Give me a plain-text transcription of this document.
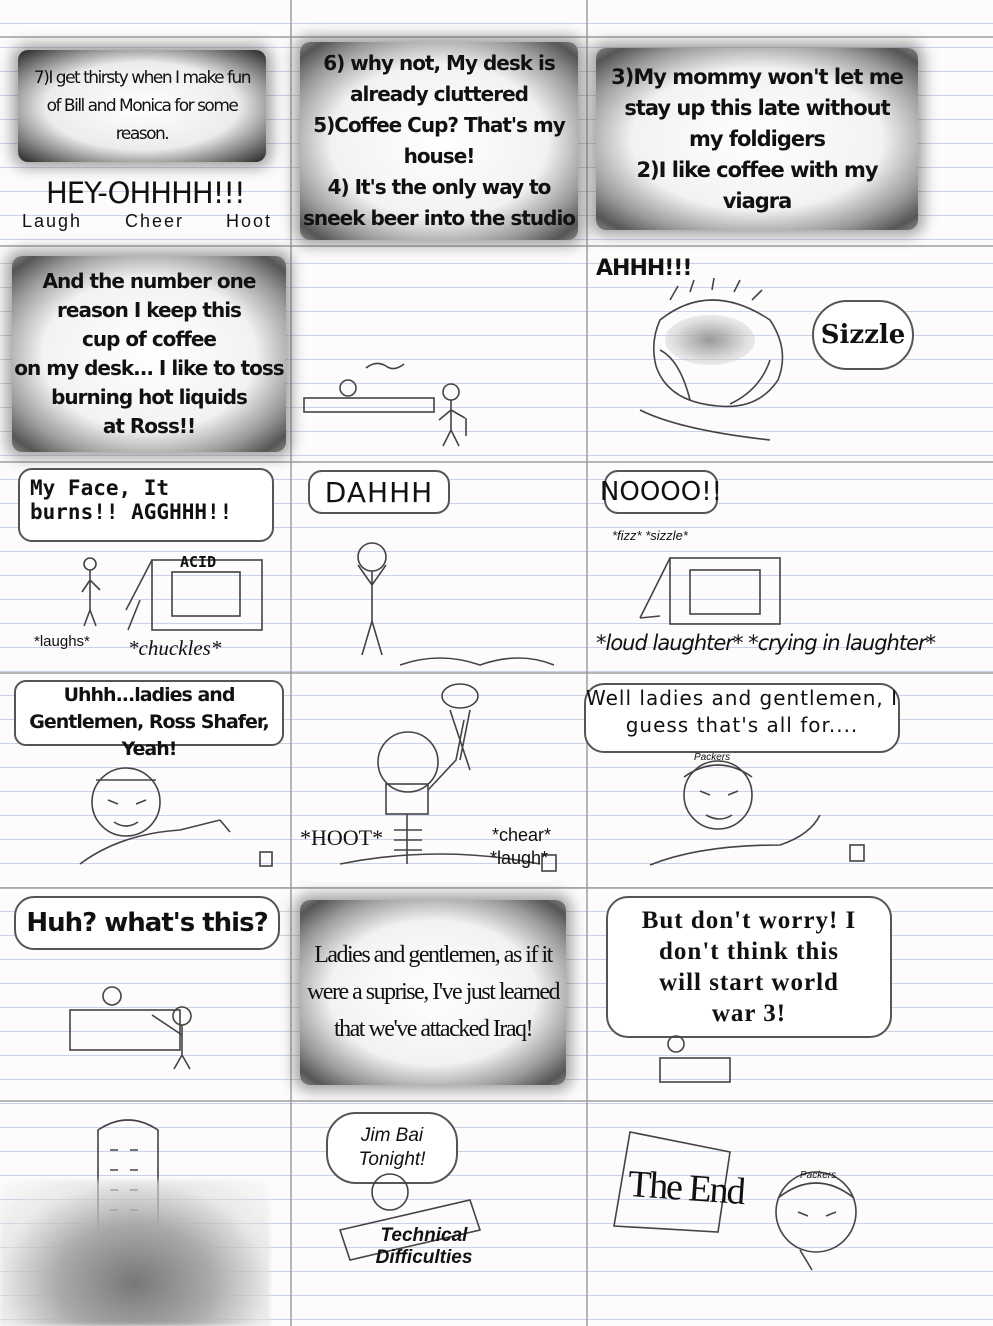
7)I get thirsty when I make fun of Bill and Monica for some reason.
HEY-OHHHH!!!
Laugh Cheer Hoot
6) why not, My desk is
already cluttered
5)Coffee Cup? That's my
house!
4) It's the only way to
sneek beer into the studio
3)My mommy won't let me
stay up this late without
my foldigers
2)I like coffee with my
viagra
And the number one
reason I keep this
cup of coffee
on my desk... I like to toss
burning hot liquids
at Ross!!
AHHH!!!
Sizzle
My Face, It burns!! AGGHHH!!
ACID
*laughs* *chuckles*
DAHHH	NOOOO!!
*fizz* *sizzle*
*loud laughter* *crying in laughter*
Uhhh...ladies and Gentlemen, Ross Shafer, Yeah!
*HOOT*	*chear*
*laugh*
Well ladies and gentlemen, I guess that's all for....
Packers
Huh? what's this?
Ladies and gentlemen, as if it were a suprise, I've just learned that we've attacked Iraq!
But don't worry! I don't think this will start world war 3!
Jim Bai Tonight!
Technical Difficulties
The End	Packers
